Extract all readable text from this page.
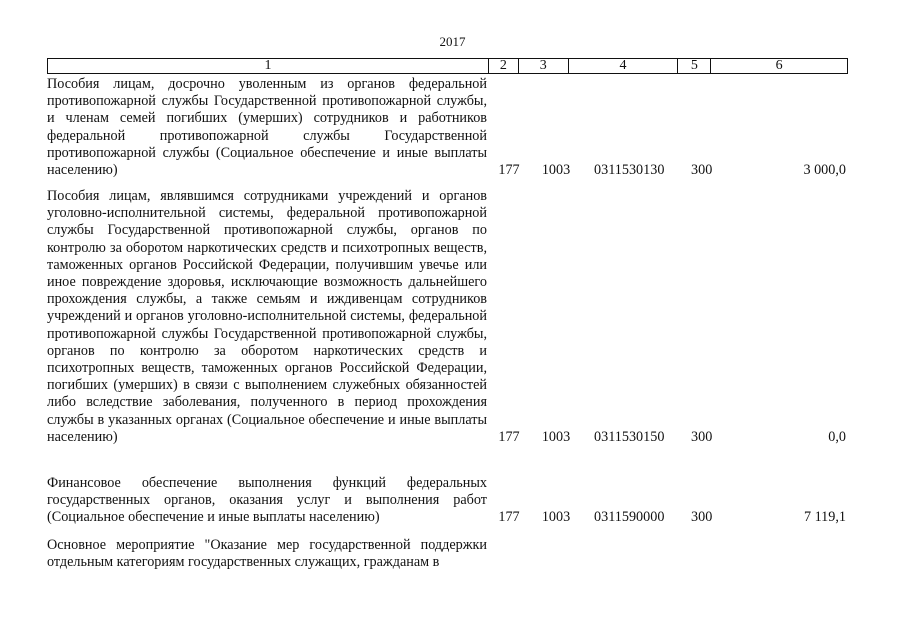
2017
1	2	3	4	5	6
Пособия лицам, досрочно уволенным из органов федеральной противопожарной службы Государственной противопожарной службы, и членам семей погибших (умерших) сотрудников и работников федеральной противопожарной службы Государственной противопожарной службы (Социальное обеспечение и иные выплаты населению)	177 1003 0311530130	300	3 000,0
Пособия лицам, являвшимся сотрудниками учреждений и органов уголовно-исполнительной системы, федеральной противопожарной службы Государственной противопожарной службы, органов по контролю за оборотом наркотических средств и психотропных веществ, таможенных органов Российской Федерации, получившим увечье или иное повреждение здоровья, исключающие возможность дальнейшего прохождения службы, а также семьям и иждивенцам сотрудников учреждений и органов уголовно-исполнительной системы, федеральной противопожарной службы Государственной противопожарной службы, органов по контролю за оборотом наркотических средств и психотропных веществ, таможенных органов Российской Федерации, погибших (умерших) в связи с выполнением служебных обязанностей либо вследствие заболевания, полученного в период прохождения службы в указанных органах (Социальное обеспечение и иные выплаты населению)	177 1003 0311530150	300	0,0
Финансовое обеспечение выполнения функций федеральных государственных органов, оказания услуг и выполнения работ (Социальное обеспечение и иные выплаты населению)	177 1003 0311590000	300	7 119,1
Основное мероприятие "Оказание мер государственной поддержки отдельным категориям государственных служащих, гражданам в
